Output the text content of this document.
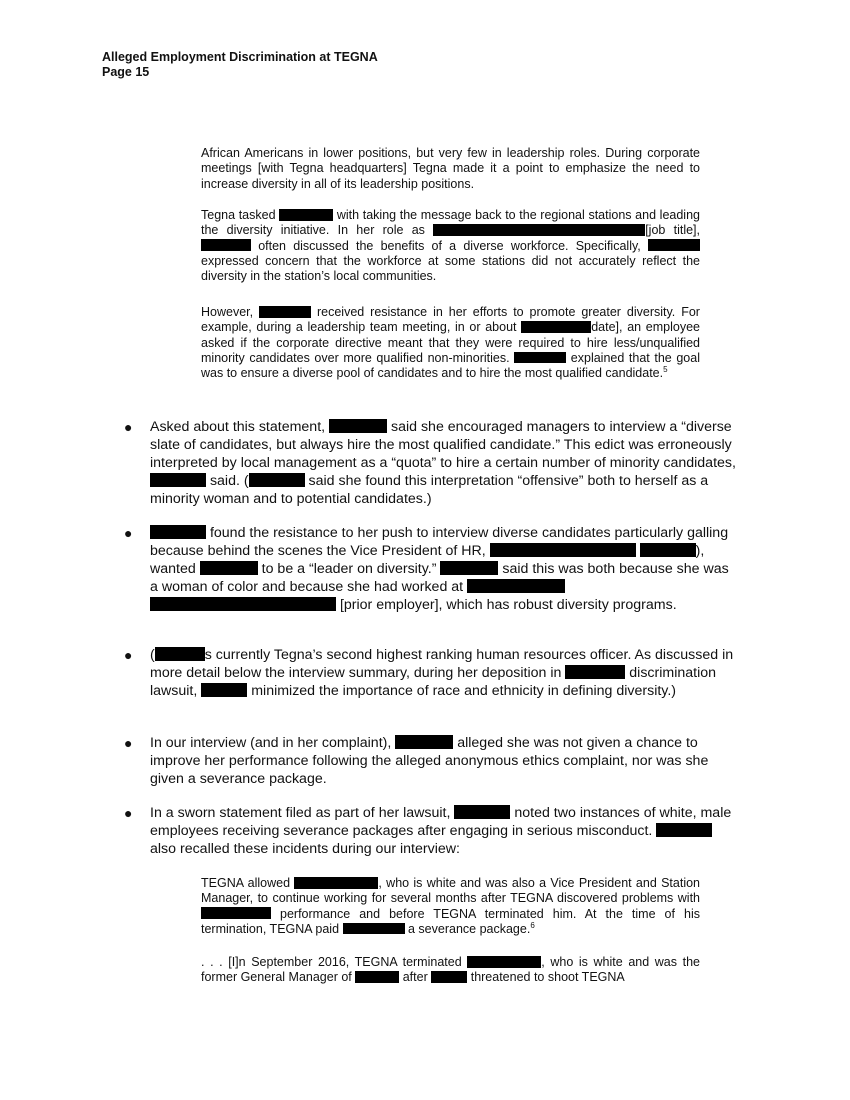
Alleged Employment Discrimination at TEGNA
Page 15

African Americans in lower positions, but very few in leadership roles. During corporate meetings [with Tegna headquarters] Tegna made it a point to emphasize the need to increase diversity in all of its leadership positions.

Tegna tasked	with taking the message back to the regional stations and leading the diversity initiative. In her role as	[job title],  often discussed the benefits of a diverse workforce. Specifically,  expressed concern that the workforce at some stations did not accurately reflect the diversity in the station’s local communities.

However,	received resistance in her efforts to promote greater diversity. For example, during a leadership team meeting, in or about	date], an employee asked if the corporate directive meant that they were required to hire less/unqualified minority candidates over more qualified non-minorities.	explained that the goal was to ensure a diverse pool of candidates and to hire the most qualified candidate.$^5$

● Asked about this statement,	said she encouraged managers to interview a “diverse slate of candidates, but always hire the most qualified candidate.” This edict was erroneously interpreted by local management as a “quota” to hire a certain number of minority candidates,  said. (	said she found this interpretation “offensive” both to herself as a minority woman and to potential candidates.)

●	found the resistance to her push to interview diverse candidates particularly galling because behind the scenes the Vice President of HR,	), wanted	to be a “leader on diversity.”	said this was both because she was a woman of color and because she had worked at   [prior employer], which has robust diversity programs.

● (	s currently Tegna’s second highest ranking human resources officer. As discussed in more detail below the interview summary, during her deposition in	discrimination lawsuit,	minimized the importance of race and ethnicity in defining diversity.)

● In our interview (and in her complaint),	alleged she was not given a chance to improve her performance following the alleged anonymous ethics complaint, nor was she given a severance package.

● In a sworn statement filed as part of her lawsuit,	noted two instances of white, male employees receiving severance packages after engaging in serious misconduct.  also recalled these incidents during our interview:

TEGNA allowed	, who is white and was also a Vice President and Station Manager, to continue working for several months after TEGNA discovered problems with  performance and before TEGNA terminated him. At the time of his termination, TEGNA paid	a severance package.$^6$

. . . [I]n September 2016, TEGNA terminated	, who is white and was the former General Manager of	after	threatened to shoot TEGNA
